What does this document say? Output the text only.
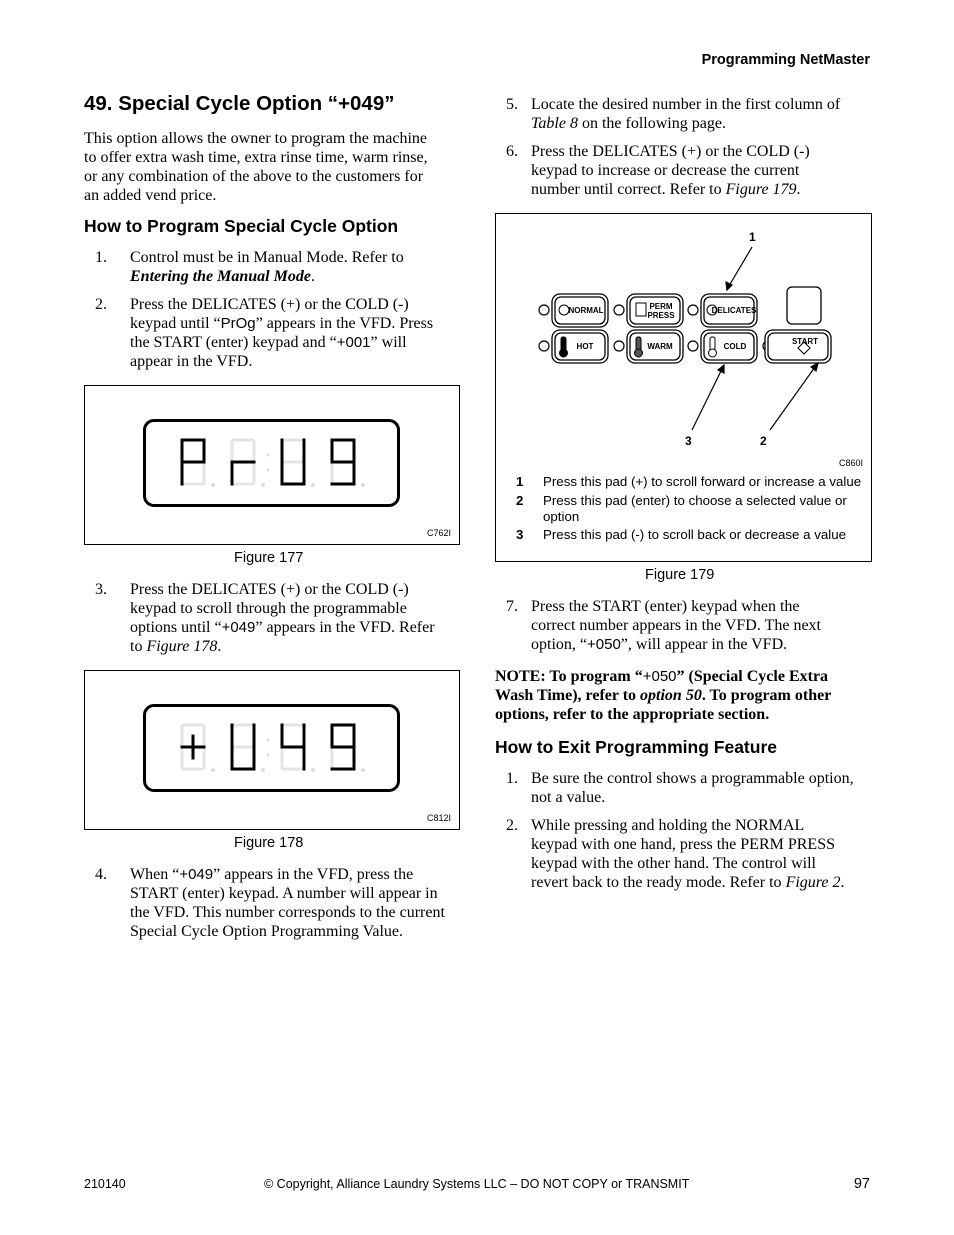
Programming NetMaster
49. Special Cycle Option “+049”
This option allows the owner to program the machine
to offer extra wash time, extra rinse time, warm rinse,
or any combination of the above to the customers for
an added vend price.
How to Program Special Cycle Option
1. Control must be in Manual Mode. Refer to
Entering the Manual Mode.
2. Press the DELICATES (+) or the COLD (-)
keypad until “PrOg” appears in the VFD. Press
the START (enter) keypad and “+001” will
appear in the VFD.
C762I
Figure 177
3. Press the DELICATES (+) or the COLD (-)
keypad to scroll through the programmable
options until “+049” appears in the VFD. Refer
to Figure 178.
C812I
Figure 178
4. When “+049” appears in the VFD, press the
START (enter) keypad. A number will appear in
the VFD. This number corresponds to the current
Special Cycle Option Programming Value.
5. Locate the desired number in the first column of
Table 8 on the following page.
6. Press the DELICATES (+) or the COLD (-)
keypad to increase or decrease the current
number until correct. Refer to Figure 179.
NORMAL	PERM
PRESS
DELICATES
HOT	WARM	COLD
START
1
2
3
C860I
1 Press this pad (+) to scroll forward or increase a value
2 Press this pad (enter) to choose a selected value or
option
3 Press this pad (-) to scroll back or decrease a value
Figure 179
7. Press the START (enter) keypad when the
correct number appears in the VFD. The next
option, “+050”, will appear in the VFD.
NOTE: To program “+050” (Special Cycle Extra
Wash Time), refer to option 50. To program other
options, refer to the appropriate section.
How to Exit Programming Feature
1. Be sure the control shows a programmable option,
not a value.
2. While pressing and holding the NORMAL
keypad with one hand, press the PERM PRESS
keypad with the other hand. The control will
revert back to the ready mode. Refer to Figure 2.
210140	© Copyright, Alliance Laundry Systems LLC – DO NOT COPY or TRANSMIT	97
